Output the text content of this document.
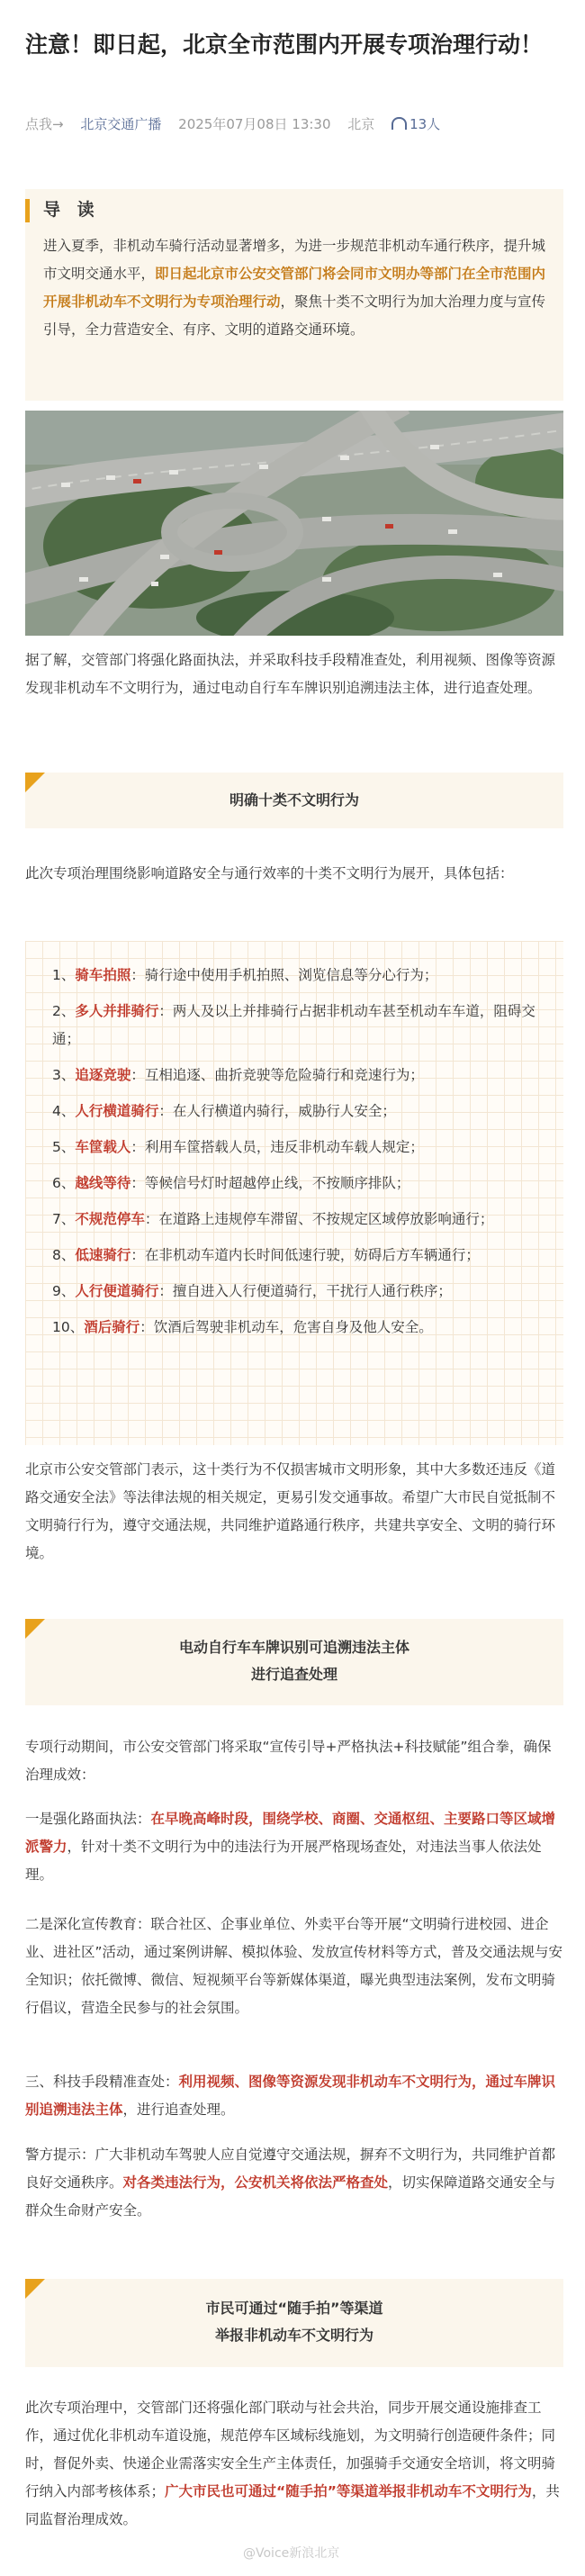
注意！即日起，北京全市范围内开展专项治理行动！
点我→ 北京交通广播 2025年07月08日 13:30 北京	13人
导 读

进入夏季，非机动车骑行活动显著增多，为进一步规范非机动车通行秩序，提升城市文明交通水平，即日起北京市公安交管部门将会同市文明办等部门在全市范围内开展非机动车不文明行为专项治理行动，聚焦十类不文明行为加大治理力度与宣传引导，全力营造安全、有序、文明的道路交通环境。

据了解，交管部门将强化路面执法，并采取科技手段精准查处，利用视频、图像等资源发现非机动车不文明行为，通过电动自行车车牌识别追溯违法主体，进行追查处理。

明确十类不文明行为

此次专项治理围绕影响道路安全与通行效率的十类不文明行为展开，具体包括：

1、骑车拍照：骑行途中使用手机拍照、浏览信息等分心行为；
2、多人并排骑行：两人及以上并排骑行占据非机动车甚至机动车车道，阻碍交通；
3、追逐竞驶：互相追逐、曲折竞驶等危险骑行和竞速行为；
4、人行横道骑行：在人行横道内骑行，威胁行人安全；
5、车筐载人：利用车筐搭载人员，违反非机动车载人规定；
6、越线等待：等候信号灯时超越停止线，不按顺序排队；
7、不规范停车：在道路上违规停车滞留、不按规定区域停放影响通行；
8、低速骑行：在非机动车道内长时间低速行驶，妨碍后方车辆通行；
9、人行便道骑行：擅自进入人行便道骑行，干扰行人通行秩序；
10、酒后骑行：饮酒后驾驶非机动车，危害自身及他人安全。

北京市公安交管部门表示，这十类行为不仅损害城市文明形象，其中大多数还违反《道路交通安全法》等法律法规的相关规定，更易引发交通事故。希望广大市民自觉抵制不文明骑行行为，遵守交通法规，共同维护道路通行秩序，共建共享安全、文明的骑行环境。

电动自行车车牌识别可追溯违法主体
进行追查处理

专项行动期间，市公安交管部门将采取“宣传引导+严格执法+科技赋能”组合拳，确保治理成效：

一是强化路面执法：在早晚高峰时段，围绕学校、商圈、交通枢纽、主要路口等区域增派警力，针对十类不文明行为中的违法行为开展严格现场查处，对违法当事人依法处理。

二是深化宣传教育：联合社区、企事业单位、外卖平台等开展“文明骑行进校园、进企业、进社区”活动，通过案例讲解、模拟体验、发放宣传材料等方式，普及交通法规与安全知识；依托微博、微信、短视频平台等新媒体渠道，曝光典型违法案例，发布文明骑行倡议，营造全民参与的社会氛围。

三、科技手段精准查处：利用视频、图像等资源发现非机动车不文明行为，通过车牌识别追溯违法主体，进行追查处理。

警方提示：广大非机动车驾驶人应自觉遵守交通法规，摒弃不文明行为，共同维护首都良好交通秩序。对各类违法行为，公安机关将依法严格查处，切实保障道路交通安全与群众生命财产安全。

市民可通过“随手拍”等渠道
举报非机动车不文明行为

此次专项治理中，交管部门还将强化部门联动与社会共治，同步开展交通设施排查工作，通过优化非机动车道设施，规范停车区域标线施划，为文明骑行创造硬件条件；同时，督促外卖、快递企业需落实安全生产主体责任，加强骑手交通安全培训，将文明骑行纳入内部考核体系；广大市民也可通过“随手拍”等渠道举报非机动车不文明行为，共同监督治理成效。

@Voice新浪北京
